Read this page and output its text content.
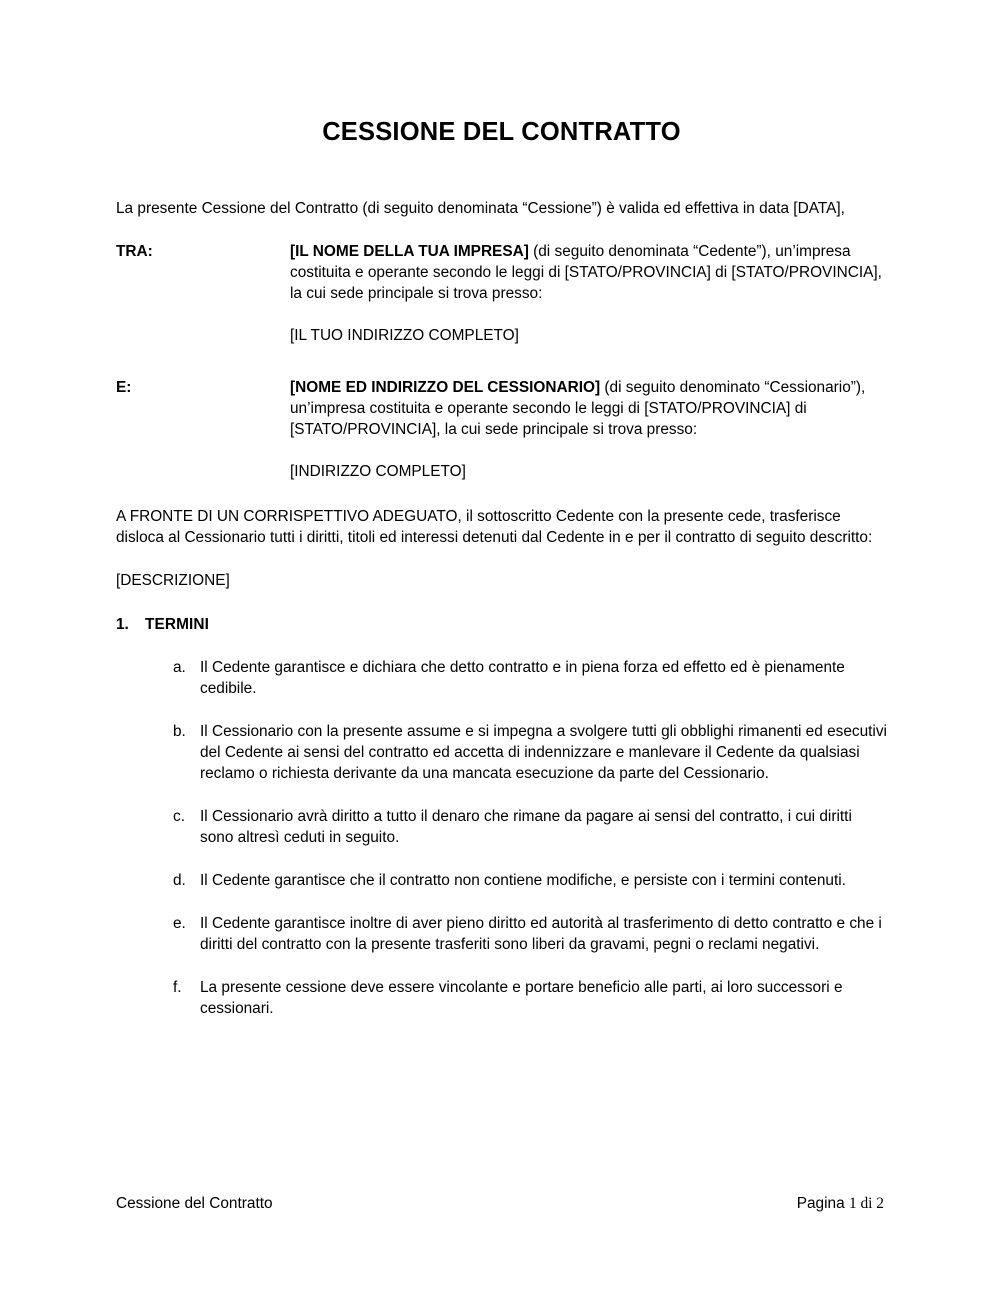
CESSIONE DEL CONTRATTO

La presente Cessione del Contratto (di seguito denominata “Cessione”) è valida ed effettiva in data [DATA],

TRA:	[IL NOME DELLA TUA IMPRESA] (di seguito denominata “Cedente”), un’impresa costituita e operante secondo le leggi di [STATO/PROVINCIA] di [STATO/PROVINCIA], la cui sede principale si trova presso:
[IL TUO INDIRIZZO COMPLETO]
E:	[NOME ED INDIRIZZO DEL CESSIONARIO] (di seguito denominato “Cessionario”), un’impresa costituita e operante secondo le leggi di [STATO/PROVINCIA] di [STATO/PROVINCIA], la cui sede principale si trova presso:
[INDIRIZZO COMPLETO]

A FRONTE DI UN CORRISPETTIVO ADEGUATO, il sottoscritto Cedente con la presente cede, trasferisce disloca al Cessionario tutti i diritti, titoli ed interessi detenuti dal Cedente in e per il contratto di seguito descritto:

[DESCRIZIONE]

1.	TERMINI
a. Il Cedente garantisce e dichiara che detto contratto e in piena forza ed effetto ed è pienamente cedibile.
b. Il Cessionario con la presente assume e si impegna a svolgere tutti gli obblighi rimanenti ed esecutivi del Cedente ai sensi del contratto ed accetta di indennizzare e manlevare il Cedente da qualsiasi reclamo o richiesta derivante da una mancata esecuzione da parte del Cessionario.
c. Il Cessionario avrà diritto a tutto il denaro che rimane da pagare ai sensi del contratto, i cui diritti sono altresì ceduti in seguito.
d. Il Cedente garantisce che il contratto non contiene modifiche, e persiste con i termini contenuti.
e. Il Cedente garantisce inoltre di aver pieno diritto ed autorità al trasferimento di detto contratto e che i diritti del contratto con la presente trasferiti sono liberi da gravami, pegni o reclami negativi.
f.	La presente cessione deve essere vincolante e portare beneficio alle parti, ai loro successori e cessionari.
Cessione del Contratto	Pagina 1 di 2
